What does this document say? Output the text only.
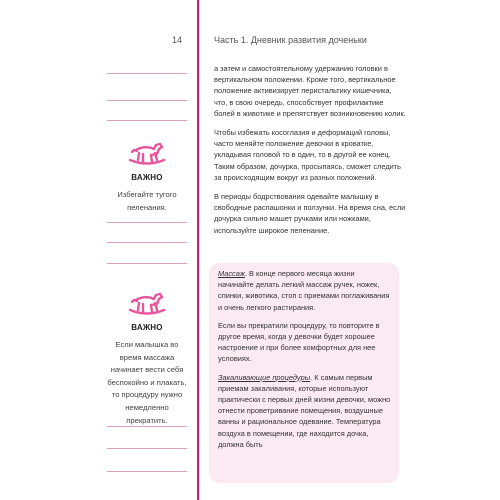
14	Часть 1. Дневник развития доченьки
ВАЖНО
Избегайте тугого пеленания.
ВАЖНО
Если малышка во время массажа начинает вести себя беспокойно и плакать, то процедуру нужно немедленно прекратить.

а затем и самостоятельному удержанию головки в вертикальном положении. Кроме того, вертикальное положение активизирует перистальтику кишечника, что, в свою очередь, способствует профилактике болей в животике и препятствует возникновению колик.

Чтобы избежать косоглазия и деформаций головы, часто меняйте положение девочки в кроватке, укладывая головой то в один, то в другой ее конец. Таким образом, дочурка, просыпаясь, сможет следить за происходящим вокруг из разных положений.

В периоды бодрствования одевайте малышку в свободные распашонки и ползунки. На время сна, если дочурка сильно машет ручками или ножками, используйте широкое пеленание.

Массаж. В конце первого месяца жизни начинайте делать легкий массаж ручек, ножек, спинки, животика, стоп с приемами поглаживания и очень легкого растирания.

Если вы прекратили процедуру, то повторите в другое время, когда у девочки будет хорошее настроение и при более комфортных для нее условиях.

Закаливающие процедуры. К самым первым приемам закаливания, которые используют практически с первых дней жизни девочки, можно отнести проветривание помещения, воздушные ванны и рациональное одевание. Температура воздуха в помещении, где находится дочка, должна быть
